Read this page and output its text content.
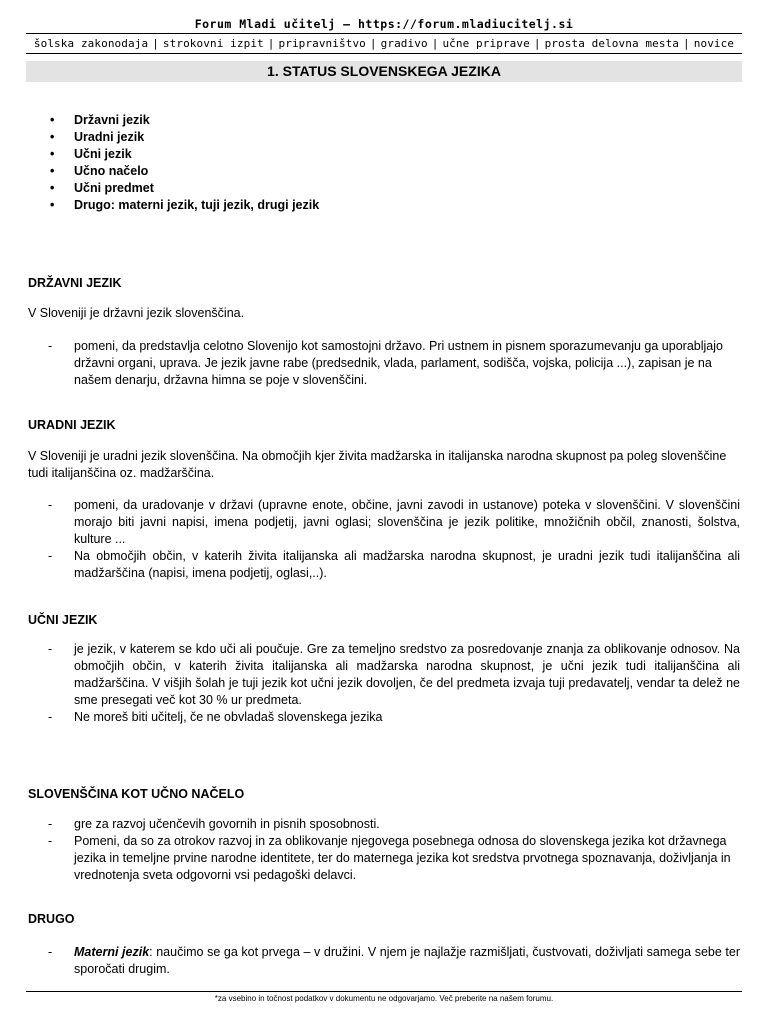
Forum Mladi učitelj – https://forum.mladiucitelj.si
šolska zakonodaja | strokovni izpit | pripravništvo | gradivo | učne priprave | prosta delovna mesta | novice
1. STATUS SLOVENSKEGA JEZIKA
• Državni jezik
• Uradni jezik
• Učni jezik
• Učno načelo
• Učni predmet
• Drugo: materni jezik, tuji jezik, drugi jezik
DRŽAVNI JEZIK
V Sloveniji je državni jezik slovenščina.
- pomeni, da predstavlja celotno Slovenijo kot samostojni državo. Pri ustnem in pisnem sporazumevanju ga uporabljajo državni organi, uprava. Je jezik javne rabe (predsednik, vlada, parlament, sodišča, vojska, policija ...), zapisan je na našem denarju, državna himna se poje v slovenščini.
URADNI JEZIK
V Sloveniji je uradni jezik slovenščina. Na območjih kjer živita madžarska in italijanska narodna skupnost pa poleg slovenščine tudi italijanščina oz. madžarščina.
- pomeni, da uradovanje v državi (upravne enote, občine, javni zavodi in ustanove) poteka v slovenščini. V slovenščini morajo biti javni napisi, imena podjetij, javni oglasi; slovenščina je jezik politike, množičnih občil, znanosti, šolstva, kulture ...
- Na območjih občin, v katerih živita italijanska ali madžarska narodna skupnost, je uradni jezik tudi italijanščina ali madžarščina (napisi, imena podjetij, oglasi,..).
UČNI JEZIK
- je jezik, v katerem se kdo uči ali poučuje. Gre za temeljno sredstvo za posredovanje znanja za oblikovanje odnosov. Na območjih občin, v katerih živita italijanska ali madžarska narodna skupnost, je učni jezik tudi italijanščina ali madžarščina. V višjih šolah je tuji jezik kot učni jezik dovoljen, če del predmeta izvaja tuji predavatelj, vendar ta delež ne sme presegati več kot 30 % ur predmeta.
- Ne moreš biti učitelj, če ne obvladaš slovenskega jezika
SLOVENŠČINA KOT UČNO NAČELO
- gre za razvoj učenčevih govornih in pisnih sposobnosti.
- Pomeni, da so za otrokov razvoj in za oblikovanje njegovega posebnega odnosa do slovenskega jezika kot državnega jezika in temeljne prvine narodne identitete, ter do maternega jezika kot sredstva prvotnega spoznavanja, doživljanja in vrednotenja sveta odgovorni vsi pedagoški delavci.
DRUGO
- Materni jezik: naučimo se ga kot prvega – v družini. V njem je najlažje razmišljati, čustvovati, doživljati samega sebe ter sporočati drugim.
*za vsebino in točnost podatkov v dokumentu ne odgovarjamo. Več preberite na našem forumu.
